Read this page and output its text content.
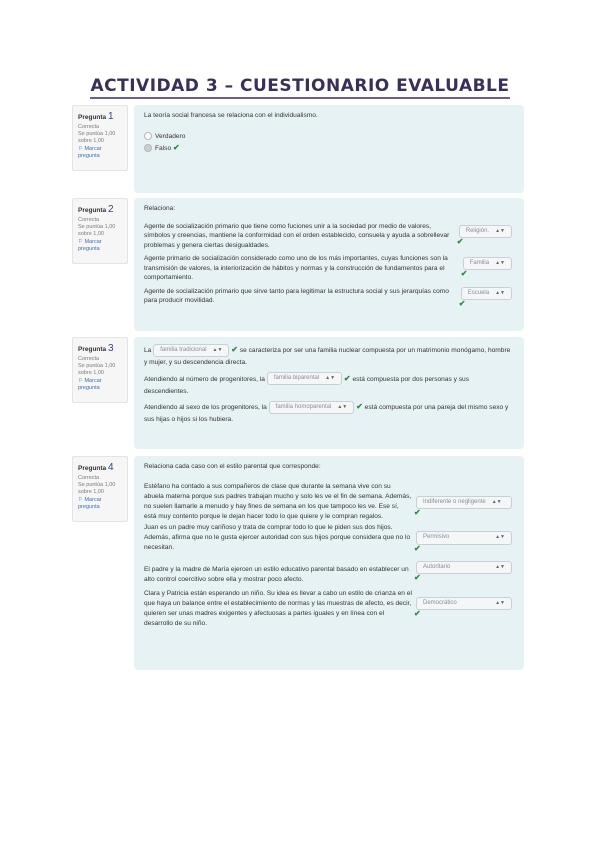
ACTIVIDAD 3 – CUESTIONARIO EVALUABLE
Pregunta 1
Correcta
Se puntúa 1,00 sobre 1,00
⚐ Marcar pregunta
La teoría social francesa se relaciona con el individualismo.
Verdadero
Falso ✔
Pregunta 2
Correcta
Se puntúa 1,00 sobre 1,00
⚐ Marcar pregunta
Relaciona:
Agente de socialización primario que tiene como fuciones unir a la sociedad por medio de valores, símbolos y creencias, mantiene la conformidad con el orden establecido, consuela y ayuda a sobrellevar problemas y genera ciertas desigualdades.
Religión. ▲▼
✔
Agente primario de socialización considerado como uno de los más importantes, cuyas funciones son la transmisión de valores, la interiorización de hábitos y normas y la construcción de fundamentos para el comportamiento.
Familia ▲▼
✔
Agente de socialización primario que sirve tanto para legitimar la estructura social y sus jerarquías como para producir movilidad.
Escuela ▲▼
✔
Pregunta 3
Correcta
Se puntúa 1,00 sobre 1,00
⚐ Marcar pregunta
La familia tradicional ▲▼ ✔ se caracteriza por ser una familia nuclear compuesta por un matrimonio monógamo, hombre y mujer, y su descendencia directa.
Atendiendo al número de progenitores, la familia biparental ▲▼ ✔ está compuesta por dos personas y sus descendientes.
Atendiendo al sexo de los progenitores, la familia homoparental ▲▼ ✔ está compuesta por una pareja del mismo sexo y sus hijas o hijos si los hubiera.
Pregunta 4
Correcta
Se puntúa 1,00 sobre 1,00
⚐ Marcar pregunta
Relaciona cada caso con el estilo parental que corresponde:
Estéfano ha contado a sus compañeros de clase que durante la semana vive con su abuela materna porque sus padres trabajan mucho y solo les ve el fin de semana. Además, no suelen llamarle a menudo y hay fines de semana en los que tampoco les ve. Ese sí, está muy contento porque le dejan hacer todo lo que quiere y le compran regalos.
Indiferente o negligente ▲▼
✔
Juan es un padre muy cariñoso y trata de comprar todo lo que le piden sus dos hijos. Además, afirma que no le gusta ejercer autoridad con sus hijos porque considera que no lo necesitan.
Permisivo	▲▼
✔
El padre y la madre de María ejercen un estilo educativo parental basado en establecer un alto control coercitivo sobre ella y mostrar poco afecto.
Autoritario	▲▼
✔
Clara y Patricia están esperando un niño. Su idea es llevar a cabo un estilo de crianza en el que haya un balance entre el establecimiento de normas y las muestras de afecto, es decir, quieren ser unas madres exigentes y afectuosas a partes iguales y en línea con el desarrollo de su niño.
Democrático	▲▼
✔
